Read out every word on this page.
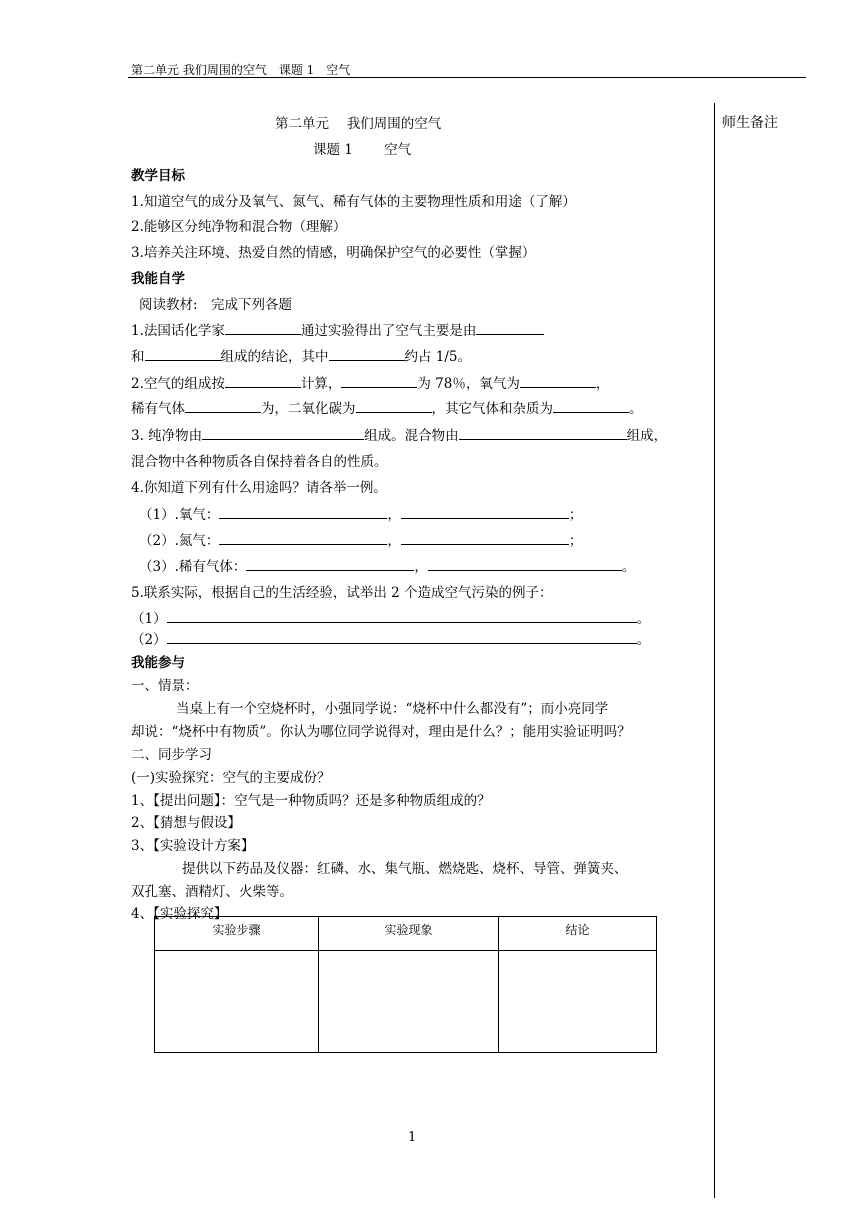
第二单元 我们周围的空气　课题 1　空气
师生备注
第二单元　 我们周围的空气
课题 1　　 空气
教学目标
1.知道空气的成分及氧气、氮气、稀有气体的主要物理性质和用途（了解）
2.能够区分纯净物和混合物（理解）
3.培养关注环境、热爱自然的情感，明确保护空气的必要性（掌握）
我能自学
阅读教材:　完成下列各题
1.法国话化学家	通过实验得出了空气主要是由
和	组成的结论，其中	约占 1/5。
2.空气的组成按	计算，	为 78％，氧气为	，
稀有气体	为，二氧化碳为	，其它气体和杂质为	。
3. 纯净物由	组成。混合物由	组成，
混合物中各种物质各自保持着各自的性质。
4.你知道下列有什么用途吗？请各举一例。
（1）.氧气：	，	；
（2）.氮气：	，	；
（3）.稀有气体：	，	。
5.联系实际，根据自己的生活经验，试举出 2 个造成空气污染的例子：
（1）	。
（2）	。
我能参与
一、情景：
当桌上有一个空烧杯时，小强同学说：“烧杯中什么都没有”；而小亮同学
却说：“烧杯中有物质”。你认为哪位同学说得对，理由是什么？；能用实验证明吗？
二、同步学习
(一)实验探究：空气的主要成份？
1、【提出问题】：空气是一种物质吗？还是多种物质组成的？
2、【猜想与假设】
3、【实验设计方案】
提供以下药品及仪器：红磷、水、集气瓶、燃烧匙、烧杯、导管、弹簧夹、
双孔塞、酒精灯、火柴等。
4、【实验探究】
实验步骤	实验现象	结论

1
